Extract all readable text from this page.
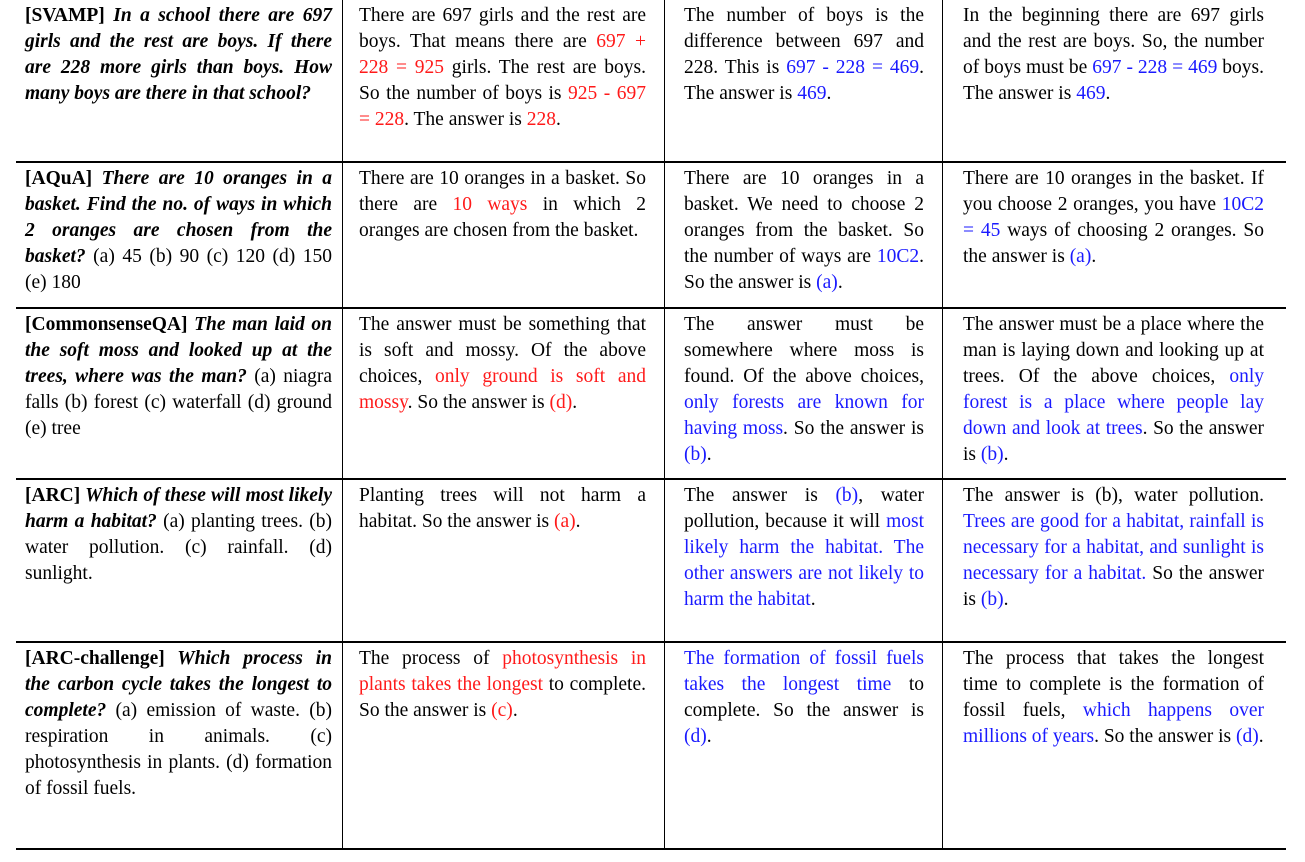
[SVAMP] In a school there are 697 girls and the rest are boys. If there are 228 more girls than boys. How many boys are there in that school?
There are 697 girls and the rest are boys. That means there are 697 + 228 = 925 girls. The rest are boys. So the number of boys is 925 - 697 = 228. The answer is 228.
The number of boys is the difference between 697 and 228. This is 697 - 228 = 469. The answer is 469.
In the beginning there are 697 girls and the rest are boys. So, the number of boys must be 697 - 228 = 469 boys. The answer is 469.
[AQuA] There are 10 oranges in a basket. Find the no. of ways in which 2 oranges are chosen from the basket? (a) 45 (b) 90 (c) 120 (d) 150 (e) 180
There are 10 oranges in a basket. So there are 10 ways in which 2 oranges are chosen from the basket.
There are 10 oranges in a basket. We need to choose 2 oranges from the basket. So the number of ways are 10C2. So the answer is (a).
There are 10 oranges in the basket. If you choose 2 oranges, you have 10C2 = 45 ways of choosing 2 oranges. So the answer is (a).
[CommonsenseQA] The man laid on the soft moss and looked up at the trees, where was the man? (a) niagra falls (b) forest (c) waterfall (d) ground (e) tree
The answer must be something that is soft and mossy. Of the above choices, only ground is soft and mossy. So the answer is (d).
The answer must be somewhere where moss is found. Of the above choices, only forests are known for having moss. So the answer is (b).
The answer must be a place where the man is laying down and looking up at trees. Of the above choices, only forest is a place where people lay down and look at trees. So the answer is (b).
[ARC] Which of these will most likely harm a habitat? (a) planting trees. (b) water pollution. (c) rainfall. (d) sunlight.
Planting trees will not harm a habitat. So the answer is (a).
The answer is (b), water pollution, because it will most likely harm the habitat. The other answers are not likely to harm the habitat.
The answer is (b), water pollution. Trees are good for a habitat, rainfall is necessary for a habitat, and sunlight is necessary for a habitat. So the answer is (b).
[ARC-challenge] Which process in the carbon cycle takes the longest to complete? (a) emission of waste. (b) respiration in animals. (c) photosynthesis in plants. (d) formation of fossil fuels.
The process of photosynthesis in plants takes the longest to complete. So the answer is (c).
The formation of fossil fuels takes the longest time to complete. So the answer is (d).
The process that takes the longest time to complete is the formation of fossil fuels, which happens over millions of years. So the answer is (d).
